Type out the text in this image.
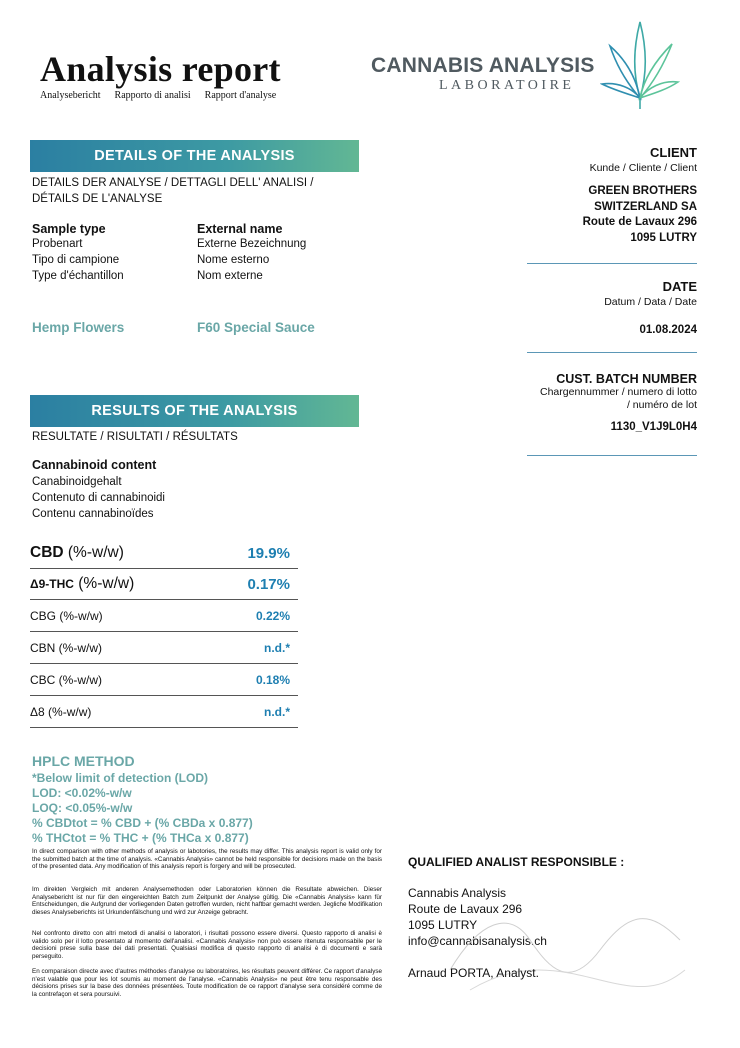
Analysis report
Analysebericht Rapporto di analisi Rapport d'analyse
CANNABIS ANALYSIS
LABORATOIRE
DETAILS OF THE ANALYSIS
DETAILS DER ANALYSE / DETTAGLI DELL' ANALISI /
DÉTAILS DE L'ANALYSE
Sample type
Probenart
Tipo di campione
Type d'échantillon
External name
Externe Bezeichnung
Nome esterno
Nom externe
Hemp Flowers	F60 Special Sauce
CLIENT
Kunde / Cliente / Client
GREEN BROTHERS
SWITZERLAND SA
Route de Lavaux 296
1095 LUTRY
DATE
Datum / Data / Date
01.08.2024
CUST. BATCH NUMBER
Chargennummer / numero di lotto
/ numéro de lot
1130_V1J9L0H4
RESULTS OF THE ANALYSIS
RESULTATE / RISULTATI / RÉSULTATS
Cannabinoid content
Canabinoidgehalt
Contenuto di cannabinoidi
Contenu cannabinoïdes
CBD (%-w/w)	19.9%
Δ9-THC (%-w/w)	0.17%
CBG (%-w/w)	0.22%
CBN (%-w/w)	n.d.*
CBC (%-w/w)	0.18%
Δ8 (%-w/w)	n.d.*
HPLC METHOD
*Below limit of detection (LOD)
LOD: <0.02%-w/w
LOQ: <0.05%-w/w
% CBDtot = % CBD + (% CBDa x 0.877)
% THCtot = % THC + (% THCa x 0.877)
In direct comparison with other methods of analysis or labotories, the results may differ. This analysis report is valid only for the submitted batch at the time of analysis. «Cannabis Analysis» cannot be held responsible for decisions made on the basis of the presented data. Any modification of this analysis report is forgery and will be prosecuted.
Im direkten Vergleich mit anderen Analysemethoden oder Laboratorien können die Resultate abweichen. Dieser Analysebericht ist nur für den eingereichten Batch zum Zeitpunkt der Analyse gültig. Die «Cannabis Analysis» kann für Entscheidungen, die Aufgrund der vorliegenden Daten getroffen wurden, nicht haftbar gemacht werden. Jegliche Modifikation dieses Analyseberichts ist Urkundenfälschung und wird zur Anzeige gebracht.
Nel confronto diretto con altri metodi di analisi o laboratori, i risultati possono essere diversi. Questo rapporto di analisi è valido solo per il lotto presentato al momento dell'analisi. «Cannabis Analysis» non può essere ritenuta responsabile per le decisioni prese sulla base dei dati presentati. Qualsiasi modifica di questo rapporto di analisi è di documenti e sarà perseguito.
En comparaison directe avec d'autres méthodes d'analyse ou laboratoires, les résultats peuvent différer. Ce rapport d'analyse n'est valable que pour les lot soumis au moment de l'analyse. «Cannabis Analysis» ne peut être tenu responsable des décisions prises sur la base des données présentées. Toute modification de ce rapport d'analyse sera considéré comme de la contrefaçon et sera poursuivi.
QUALIFIED ANALIST RESPONSIBLE :
Cannabis Analysis
Route de Lavaux 296
1095 LUTRY
info@cannabisanalysis.ch
Arnaud PORTA, Analyst.
